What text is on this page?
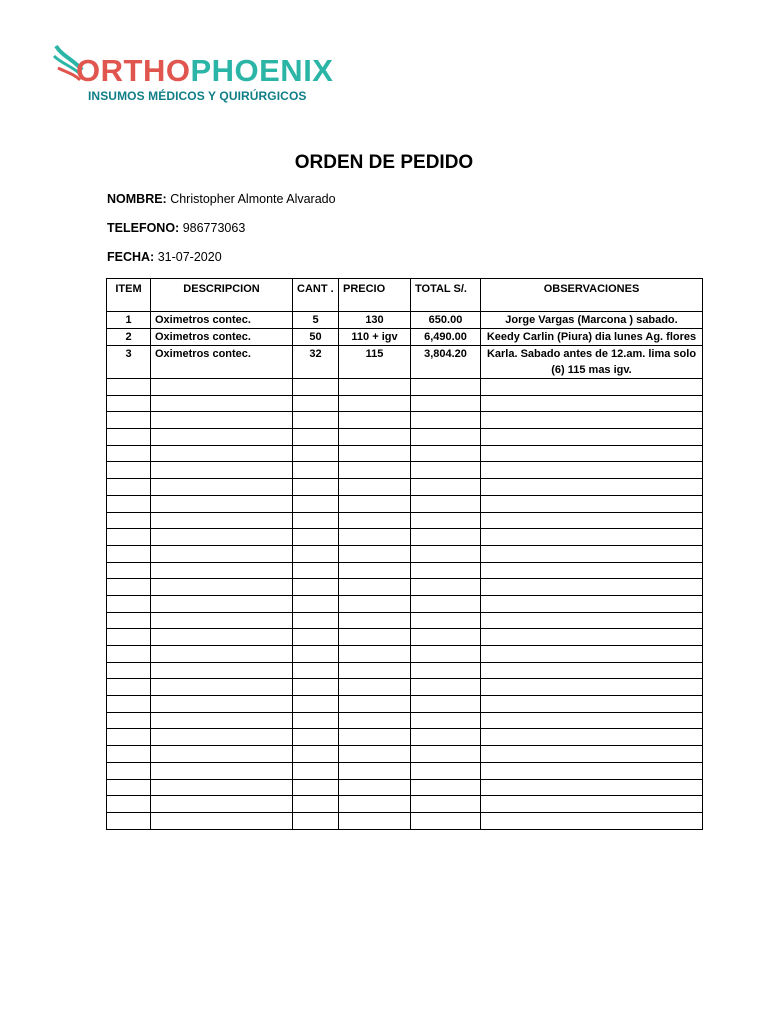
ORTHOPHOENIX
INSUMOS MÉDICOS Y QUIRÚRGICOS
ORDEN DE PEDIDO
NOMBRE: Christopher Almonte Alvarado
TELEFONO: 986773063
FECHA: 31-07-2020
ITEM	DESCRIPCION	CANT .	PRECIO	TOTAL S/.	OBSERVACIONES
1	Oximetros contec.	5	130	650.00	Jorge Vargas (Marcona ) sabado.
2	Oximetros contec.	50	110 + igv	6,490.00	Keedy Carlin (Piura) dia lunes Ag. flores
3	Oximetros contec.	32	115	3,804.20	Karla. Sabado antes de 12.am. lima solo (6) 115 mas igv.
